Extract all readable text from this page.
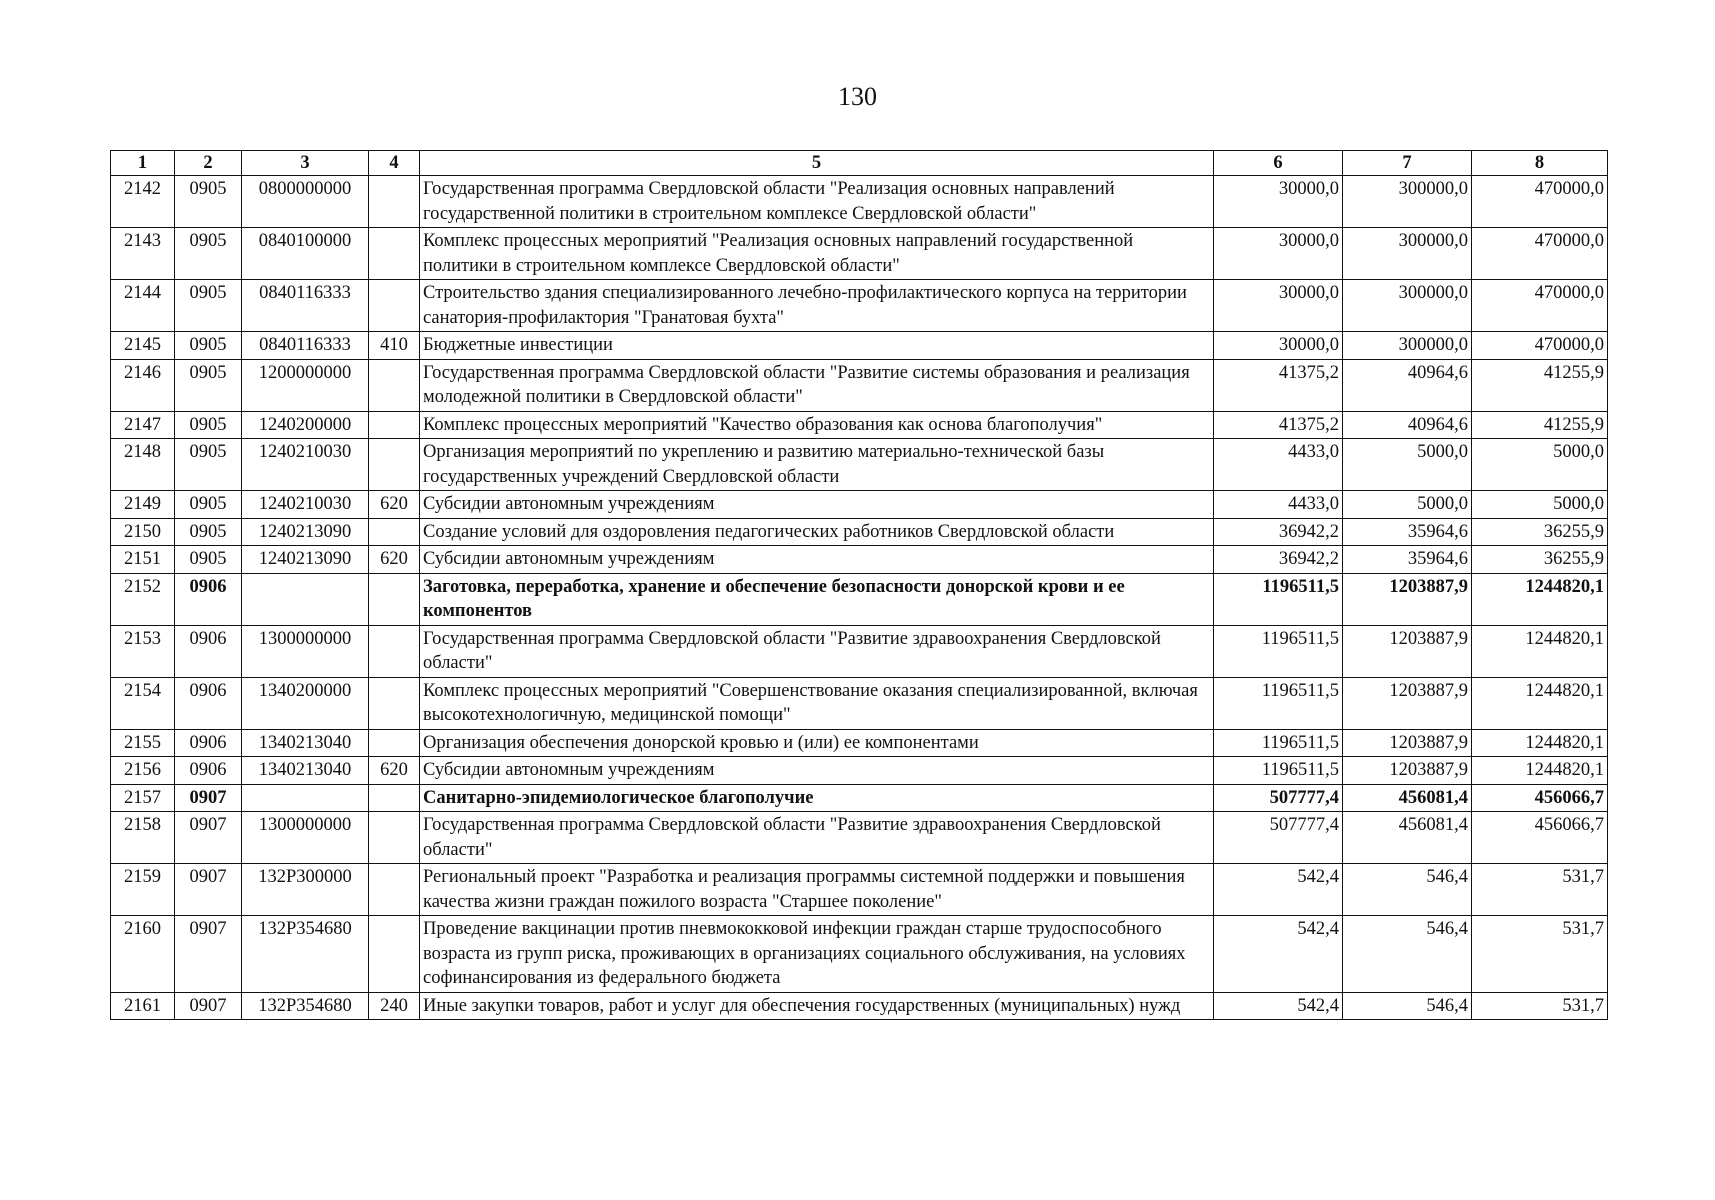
130
1	2	3	4	5	6	7	8
2142	0905	0800000000		Государственная программа Свердловской области "Реализация основных направлений государственной политики в строительном комплексе Свердловской области"	30000,0	300000,0	470000,0
2143	0905	0840100000		Комплекс процессных мероприятий "Реализация основных направлений государственной политики в строительном комплексе Свердловской области"	30000,0	300000,0	470000,0
2144	0905	0840116333		Строительство здания специализированного лечебно-профилактического корпуса на территории санатория-профилактория "Гранатовая бухта"	30000,0	300000,0	470000,0
2145	0905	0840116333	410	Бюджетные инвестиции	30000,0	300000,0	470000,0
2146	0905	1200000000		Государственная программа Свердловской области "Развитие системы образования и реализация молодежной политики в Свердловской области"	41375,2	40964,6	41255,9
2147	0905	1240200000		Комплекс процессных мероприятий "Качество образования как основа благополучия"	41375,2	40964,6	41255,9
2148	0905	1240210030		Организация мероприятий по укреплению и развитию материально-технической базы государственных учреждений Свердловской области	4433,0	5000,0	5000,0
2149	0905	1240210030	620	Субсидии автономным учреждениям	4433,0	5000,0	5000,0
2150	0905	1240213090		Создание условий для оздоровления педагогических работников Свердловской области	36942,2	35964,6	36255,9
2151	0905	1240213090	620	Субсидии автономным учреждениям	36942,2	35964,6	36255,9
2152	0906			Заготовка, переработка, хранение и обеспечение безопасности донорской крови и ее компонентов	1196511,5	1203887,9	1244820,1
2153	0906	1300000000		Государственная программа Свердловской области "Развитие здравоохранения Свердловской области"	1196511,5	1203887,9	1244820,1
2154	0906	1340200000		Комплекс процессных мероприятий "Совершенствование оказания специализированной, включая высокотехнологичную, медицинской помощи"	1196511,5	1203887,9	1244820,1
2155	0906	1340213040		Организация обеспечения донорской кровью и (или) ее компонентами	1196511,5	1203887,9	1244820,1
2156	0906	1340213040	620	Субсидии автономным учреждениям	1196511,5	1203887,9	1244820,1
2157	0907			Санитарно-эпидемиологическое благополучие	507777,4	456081,4	456066,7
2158	0907	1300000000		Государственная программа Свердловской области "Развитие здравоохранения Свердловской области"	507777,4	456081,4	456066,7
2159	0907	132P300000		Региональный проект "Разработка и реализация программы системной поддержки и повышения качества жизни граждан пожилого возраста "Старшее поколение"	542,4	546,4	531,7
2160	0907	132P354680		Проведение вакцинации против пневмококковой инфекции граждан старше трудоспособного возраста из групп риска, проживающих в организациях социального обслуживания, на условиях софинансирования из федерального бюджета	542,4	546,4	531,7
2161	0907	132P354680	240	Иные закупки товаров, работ и услуг для обеспечения государственных (муниципальных) нужд	542,4	546,4	531,7
